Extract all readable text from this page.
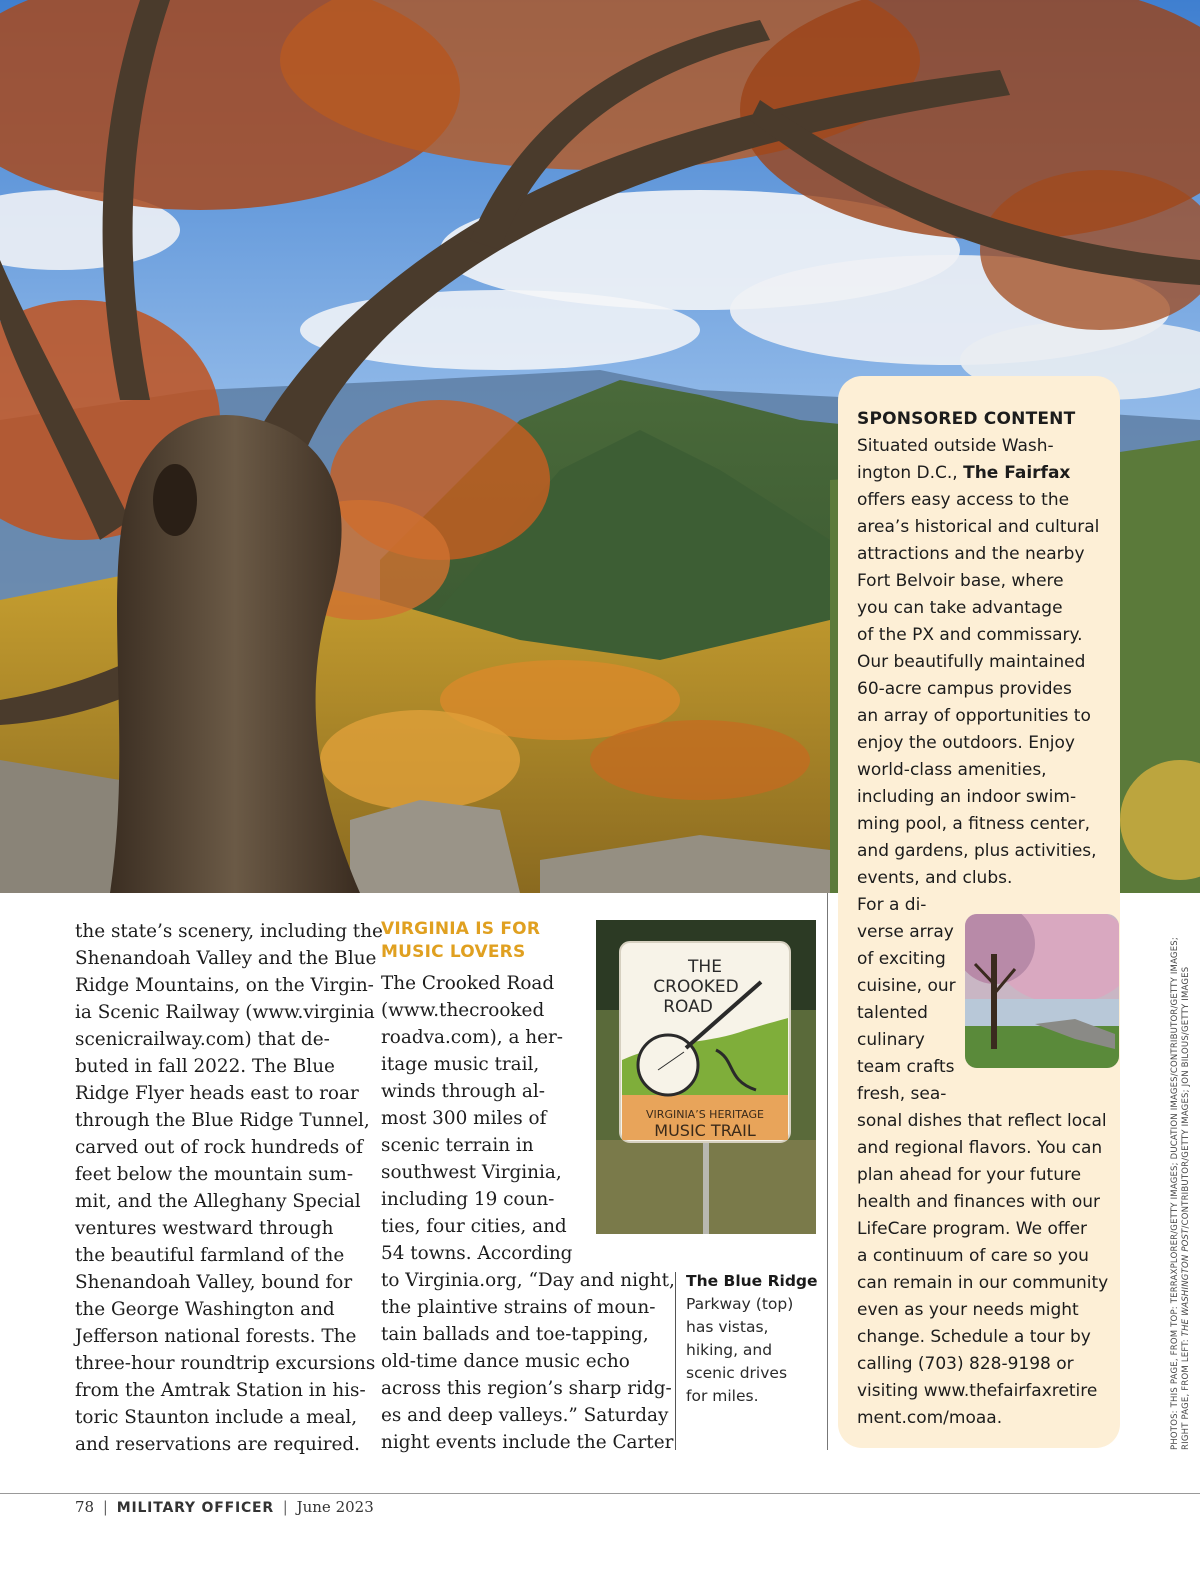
the state’s scenery, including the
Shenandoah Valley and the Blue
Ridge Mountains, on the Virgin-
ia Scenic Railway (www.virginia
scenicrailway.com) that de-
buted in fall 2022. The Blue
Ridge Flyer heads east to roar
through the Blue Ridge Tunnel,
carved out of rock hundreds of
feet below the mountain sum-
mit, and the Alleghany Special
ventures westward through
the beautiful farmland of the
Shenandoah Valley, bound for
the George Washington and
Jefferson national forests. The
three-hour roundtrip excursions
from the Amtrak Station in his-
toric Staunton include a meal,
and reservations are required.
VIRGINIA IS FOR
MUSIC LOVERS
The Crooked Road
(www.thecrooked
roadva.com), a her-
itage music trail,
winds through al-
most 300 miles of
scenic terrain in
southwest Virginia,
including 19 coun-
ties, four cities, and
54 towns. According
to Virginia.org, “Day and night,
the plaintive strains of moun-
tain ballads and toe-tapping,
old-time dance music echo
across this region’s sharp ridg-
es and deep valleys.” Saturday
night events include the Carter
THE
CROOKED
ROAD
VIRGINIA’S HERITAGE
MUSIC TRAIL
The Blue Ridge
Parkway (top)
has vistas,
hiking, and
scenic drives
for miles.
SPONSORED CONTENT
Situated outside Wash-
ington D.C., The Fairfax
offers easy access to the
area’s historical and cultural
attractions and the nearby
Fort Belvoir base, where
you can take advantage
of the PX and commissary.
Our beautifully maintained
60-acre campus provides
an array of opportunities to
enjoy the outdoors. Enjoy
world-class amenities,
including an indoor swim-
ming pool, a fitness center,
and gardens, plus activities,
events, and clubs.
For a di-
verse array
of exciting
cuisine, our
talented
culinary
team crafts
fresh, sea-
sonal dishes that reflect local
and regional flavors. You can
plan ahead for your future
health and finances with our
LifeCare program. We offer
a continuum of care so you
can remain in our community
even as your needs might
change. Schedule a tour by
calling (703) 828-9198 or
visiting www.thefairfaxretire
ment.com/moaa.	PHOTOS: THIS PAGE, FROM TOP: TERRAXPLORER/GETTY IMAGES; DUCATION IMAGES/CONTRIBUTOR/GETTY IMAGES; RIGHT PAGE, FROM LEFT: THE WASHINGTON POST/CONTRIBUTOR/GETTY IMAGES; JON BILOUS/GETTY IMAGES
78 | MILITARY OFFICER | June 2023
